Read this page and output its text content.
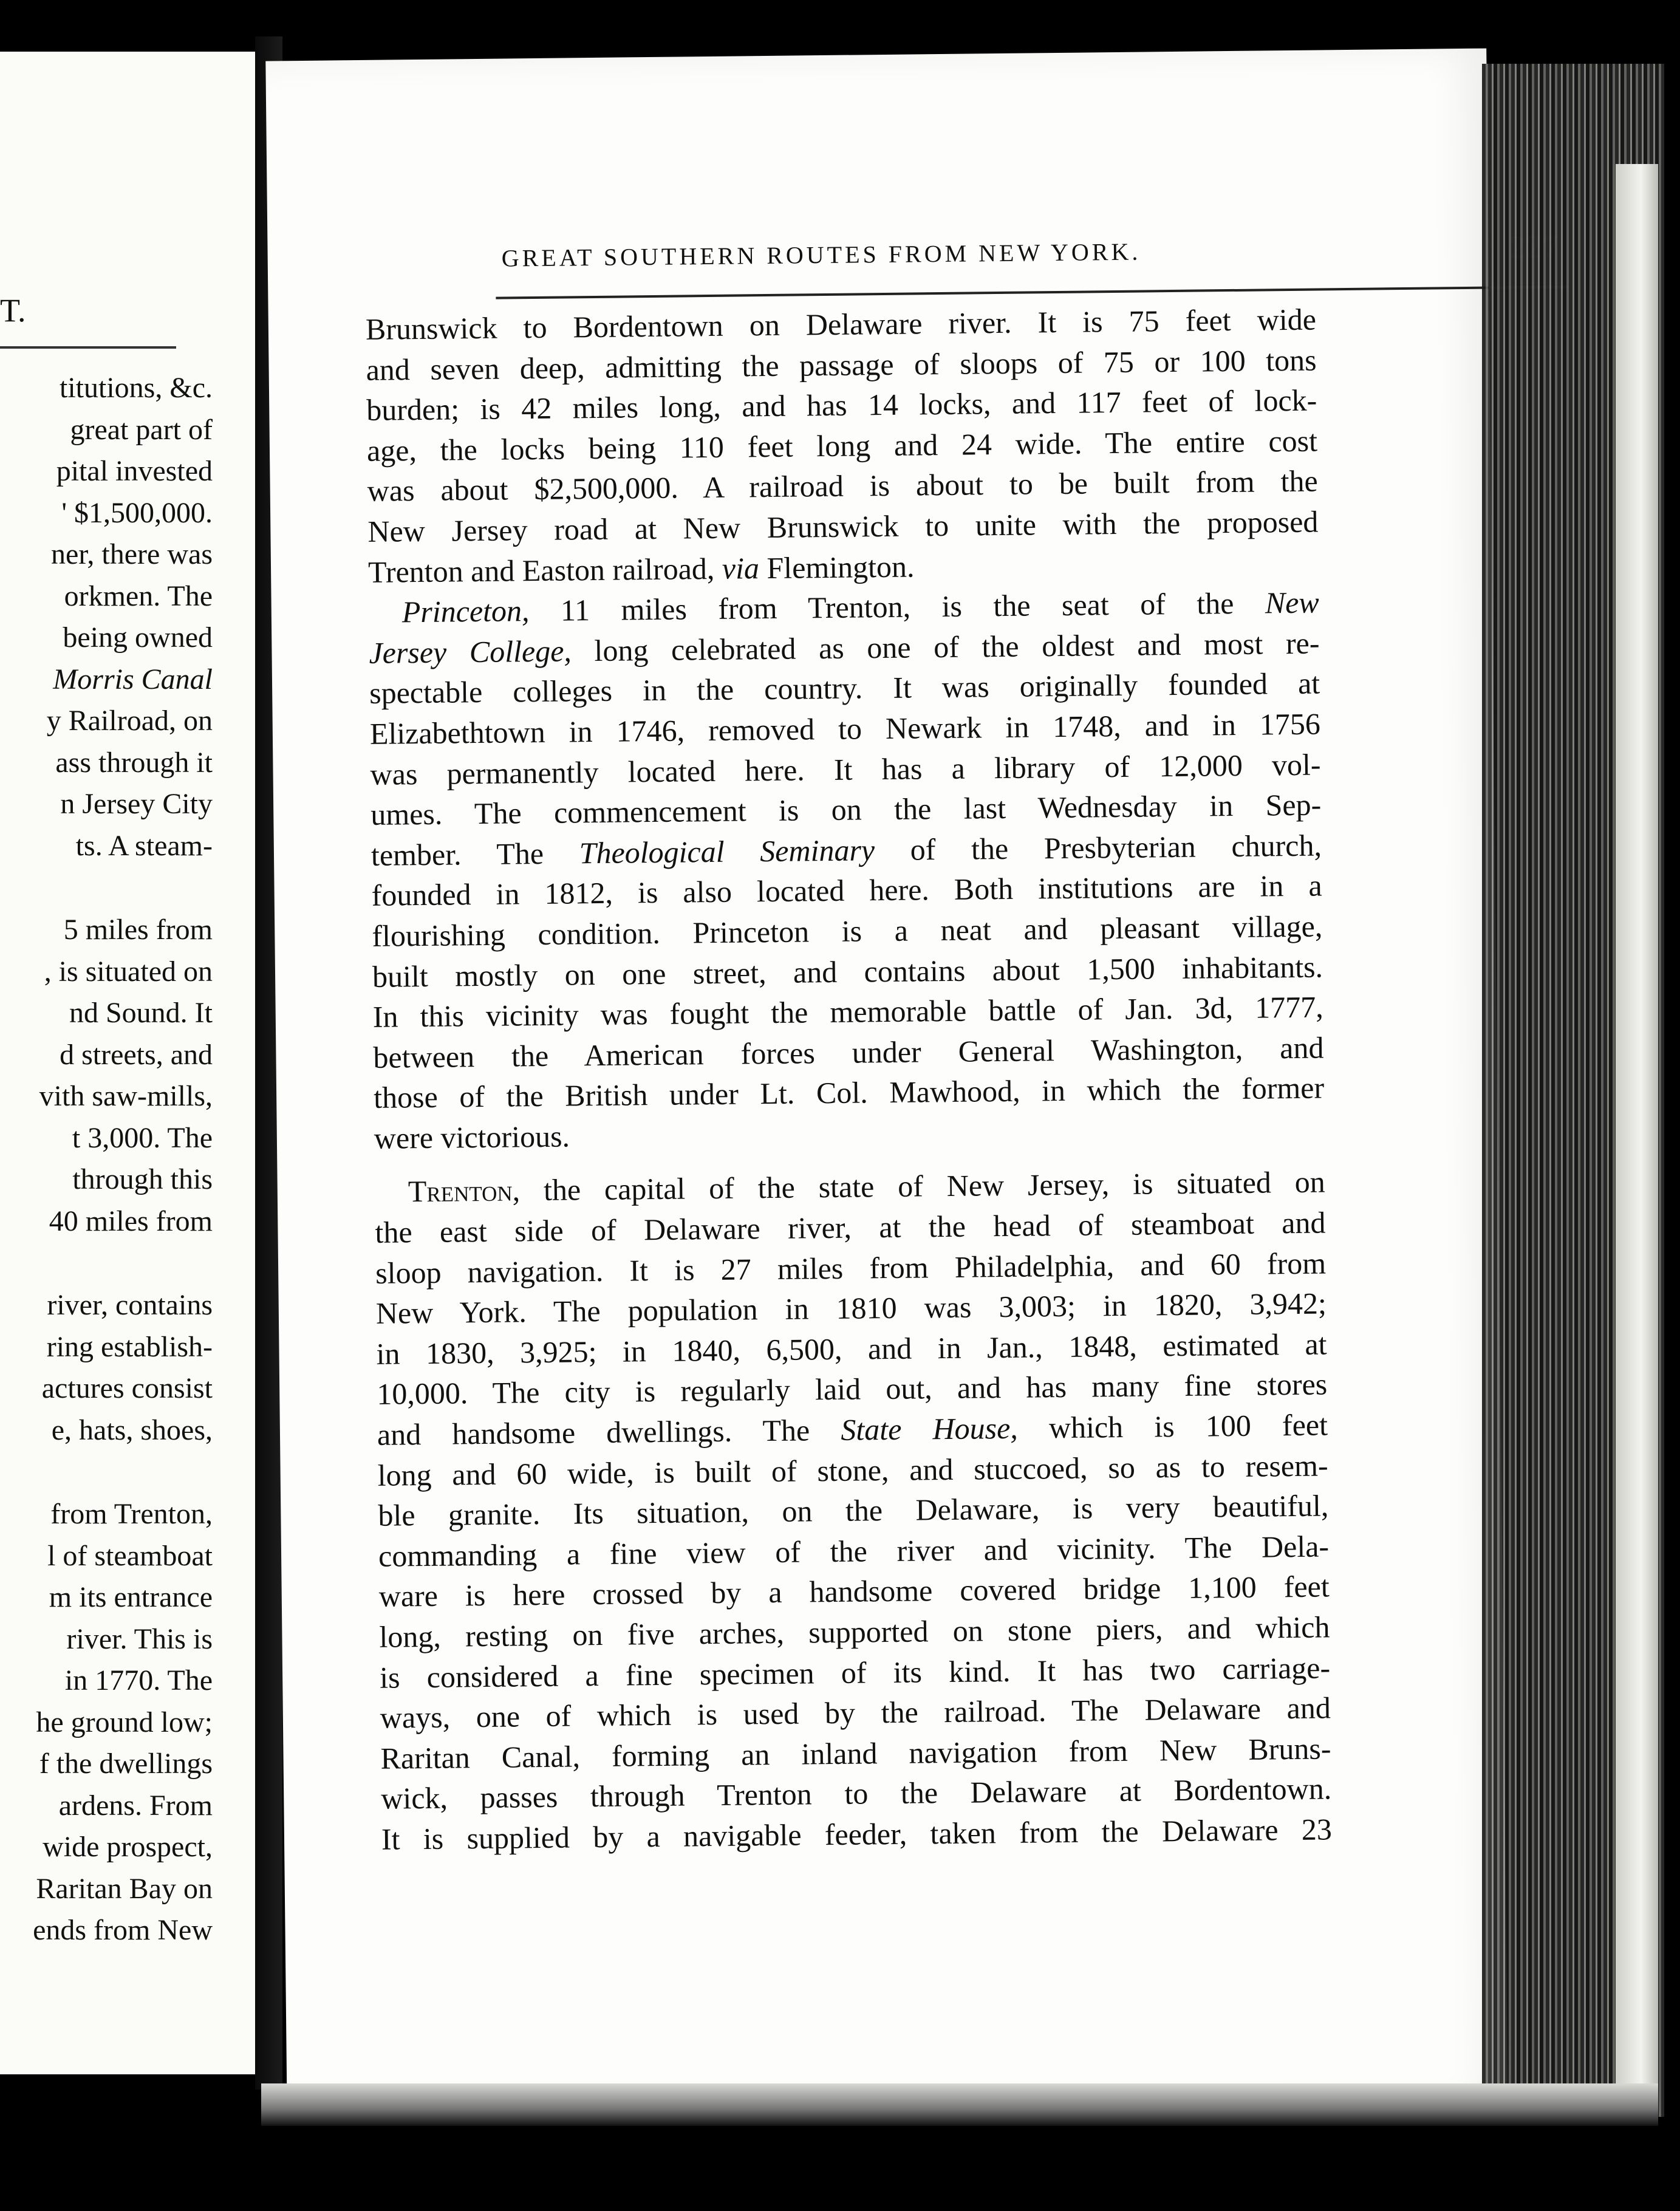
T.
titutions, &c.
great part of
pital invested
' $1,500,000.
ner, there was
orkmen. The
being owned
Morris Canal
y Railroad, on
ass through it
n Jersey City
ts. A steam-
5 miles from
, is situated on
nd Sound. It
d streets, and
vith saw-mills,
t 3,000. The
through this
40 miles from
river, contains
ring establish-
actures consist
e, hats, shoes,
from Trenton,
l of steamboat
m its entrance
river. This is
in 1770. The
he ground low;
f the dwellings
ardens. From
wide prospect,
Raritan Bay on
ends from New
GREAT SOUTHERN ROUTES FROM NEW YORK.
Brunswick to Bordentown on Delaware river. It is 75 feet wide
and seven deep, admitting the passage of sloops of 75 or 100 tons
burden; is 42 miles long, and has 14 locks, and 117 feet of lock-
age, the locks being 110 feet long and 24 wide. The entire cost
was about $2,500,000. A railroad is about to be built from the
New Jersey road at New Brunswick to unite with the proposed
Trenton and Easton railroad, via Flemington.
Princeton, 11 miles from Trenton, is the seat of the New
Jersey College, long celebrated as one of the oldest and most re-
spectable colleges in the country. It was originally founded at
Elizabethtown in 1746, removed to Newark in 1748, and in 1756
was permanently located here. It has a library of 12,000 vol-
umes. The commencement is on the last Wednesday in Sep-
tember. The Theological Seminary of the Presbyterian church,
founded in 1812, is also located here. Both institutions are in a
flourishing condition. Princeton is a neat and pleasant village,
built mostly on one street, and contains about 1,500 inhabitants.
In this vicinity was fought the memorable battle of Jan. 3d, 1777,
between the American forces under General Washington, and
those of the British under Lt. Col. Mawhood, in which the former
were victorious.
Trenton, the capital of the state of New Jersey, is situated on
the east side of Delaware river, at the head of steamboat and
sloop navigation. It is 27 miles from Philadelphia, and 60 from
New York. The population in 1810 was 3,003; in 1820, 3,942;
in 1830, 3,925; in 1840, 6,500, and in Jan., 1848, estimated at
10,000. The city is regularly laid out, and has many fine stores
and handsome dwellings. The State House, which is 100 feet
long and 60 wide, is built of stone, and stuccoed, so as to resem-
ble granite. Its situation, on the Delaware, is very beautiful,
commanding a fine view of the river and vicinity. The Dela-
ware is here crossed by a handsome covered bridge 1,100 feet
long, resting on five arches, supported on stone piers, and which
is considered a fine specimen of its kind. It has two carriage-
ways, one of which is used by the railroad. The Delaware and
Raritan Canal, forming an inland navigation from New Bruns-
wick, passes through Trenton to the Delaware at Bordentown.
It is supplied by a navigable feeder, taken from the Delaware 23
